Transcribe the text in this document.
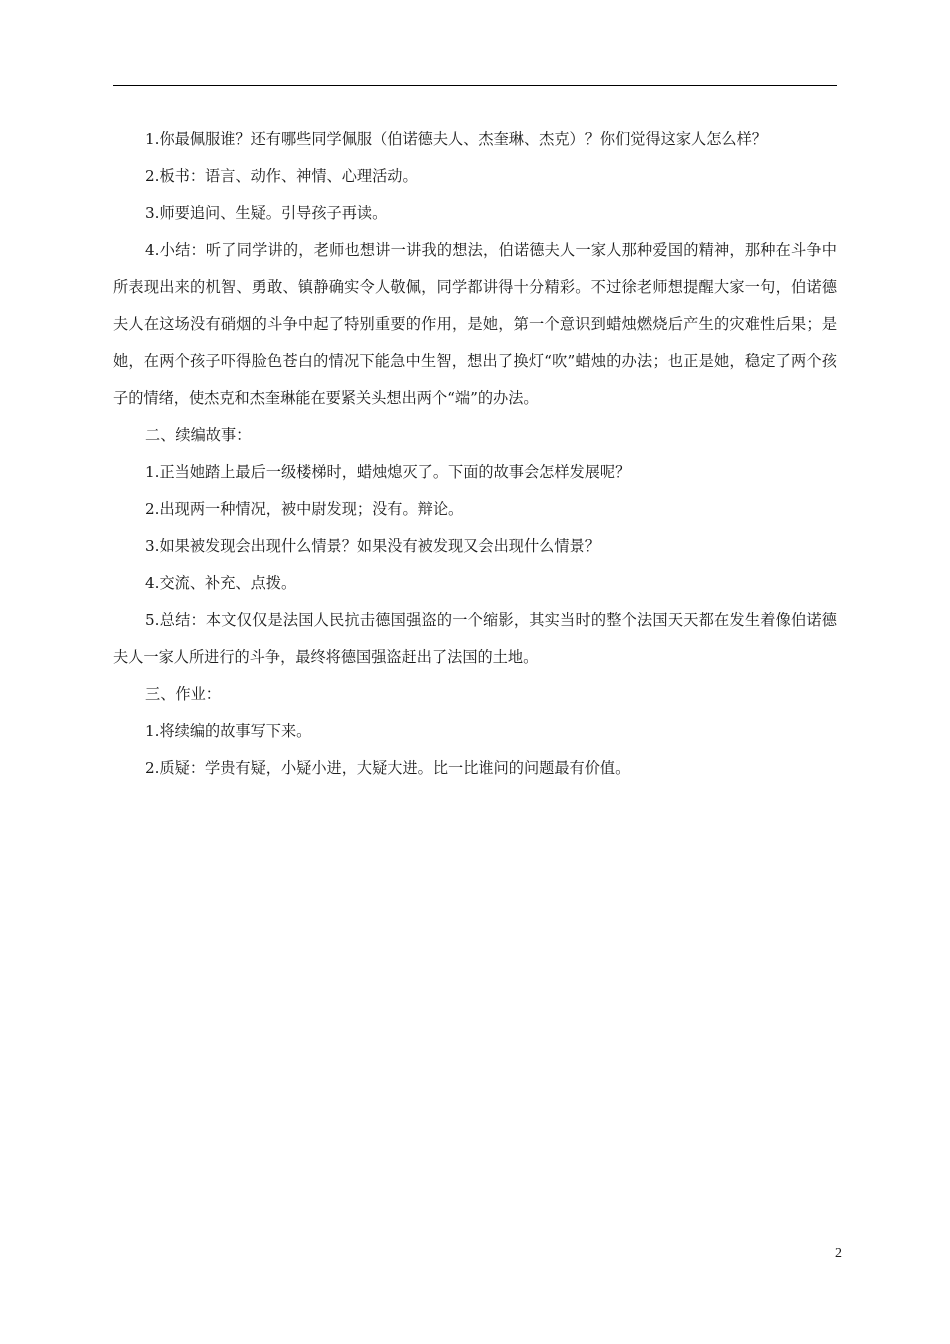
1.你最佩服谁？还有哪些同学佩服（伯诺德夫人、杰奎琳、杰克）？你们觉得这家人怎么样？

2.板书：语言、动作、神情、心理活动。

3.师要追问、生疑。引导孩子再读。

4.小结：听了同学讲的，老师也想讲一讲我的想法，伯诺德夫人一家人那种爱国的精神，那种在斗争中所表现出来的机智、勇敢、镇静确实令人敬佩，同学都讲得十分精彩。不过徐老师想提醒大家一句，伯诺德夫人在这场没有硝烟的斗争中起了特别重要的作用，是她，第一个意识到蜡烛燃烧后产生的灾难性后果；是她，在两个孩子吓得脸色苍白的情况下能急中生智，想出了换灯“吹”蜡烛的办法；也正是她，稳定了两个孩子的情绪，使杰克和杰奎琳能在要紧关头想出两个“端”的办法。

二、续编故事：

1.正当她踏上最后一级楼梯时，蜡烛熄灭了。下面的故事会怎样发展呢？

2.出现两一种情况，被中尉发现；没有。辩论。

3.如果被发现会出现什么情景？如果没有被发现又会出现什么情景？

4.交流、补充、点拨。

5.总结：本文仅仅是法国人民抗击德国强盗的一个缩影，其实当时的整个法国天天都在发生着像伯诺德夫人一家人所进行的斗争，最终将德国强盗赶出了法国的土地。

三、作业：

1.将续编的故事写下来。

2.质疑：学贵有疑，小疑小进，大疑大进。比一比谁问的问题最有价值。

2
